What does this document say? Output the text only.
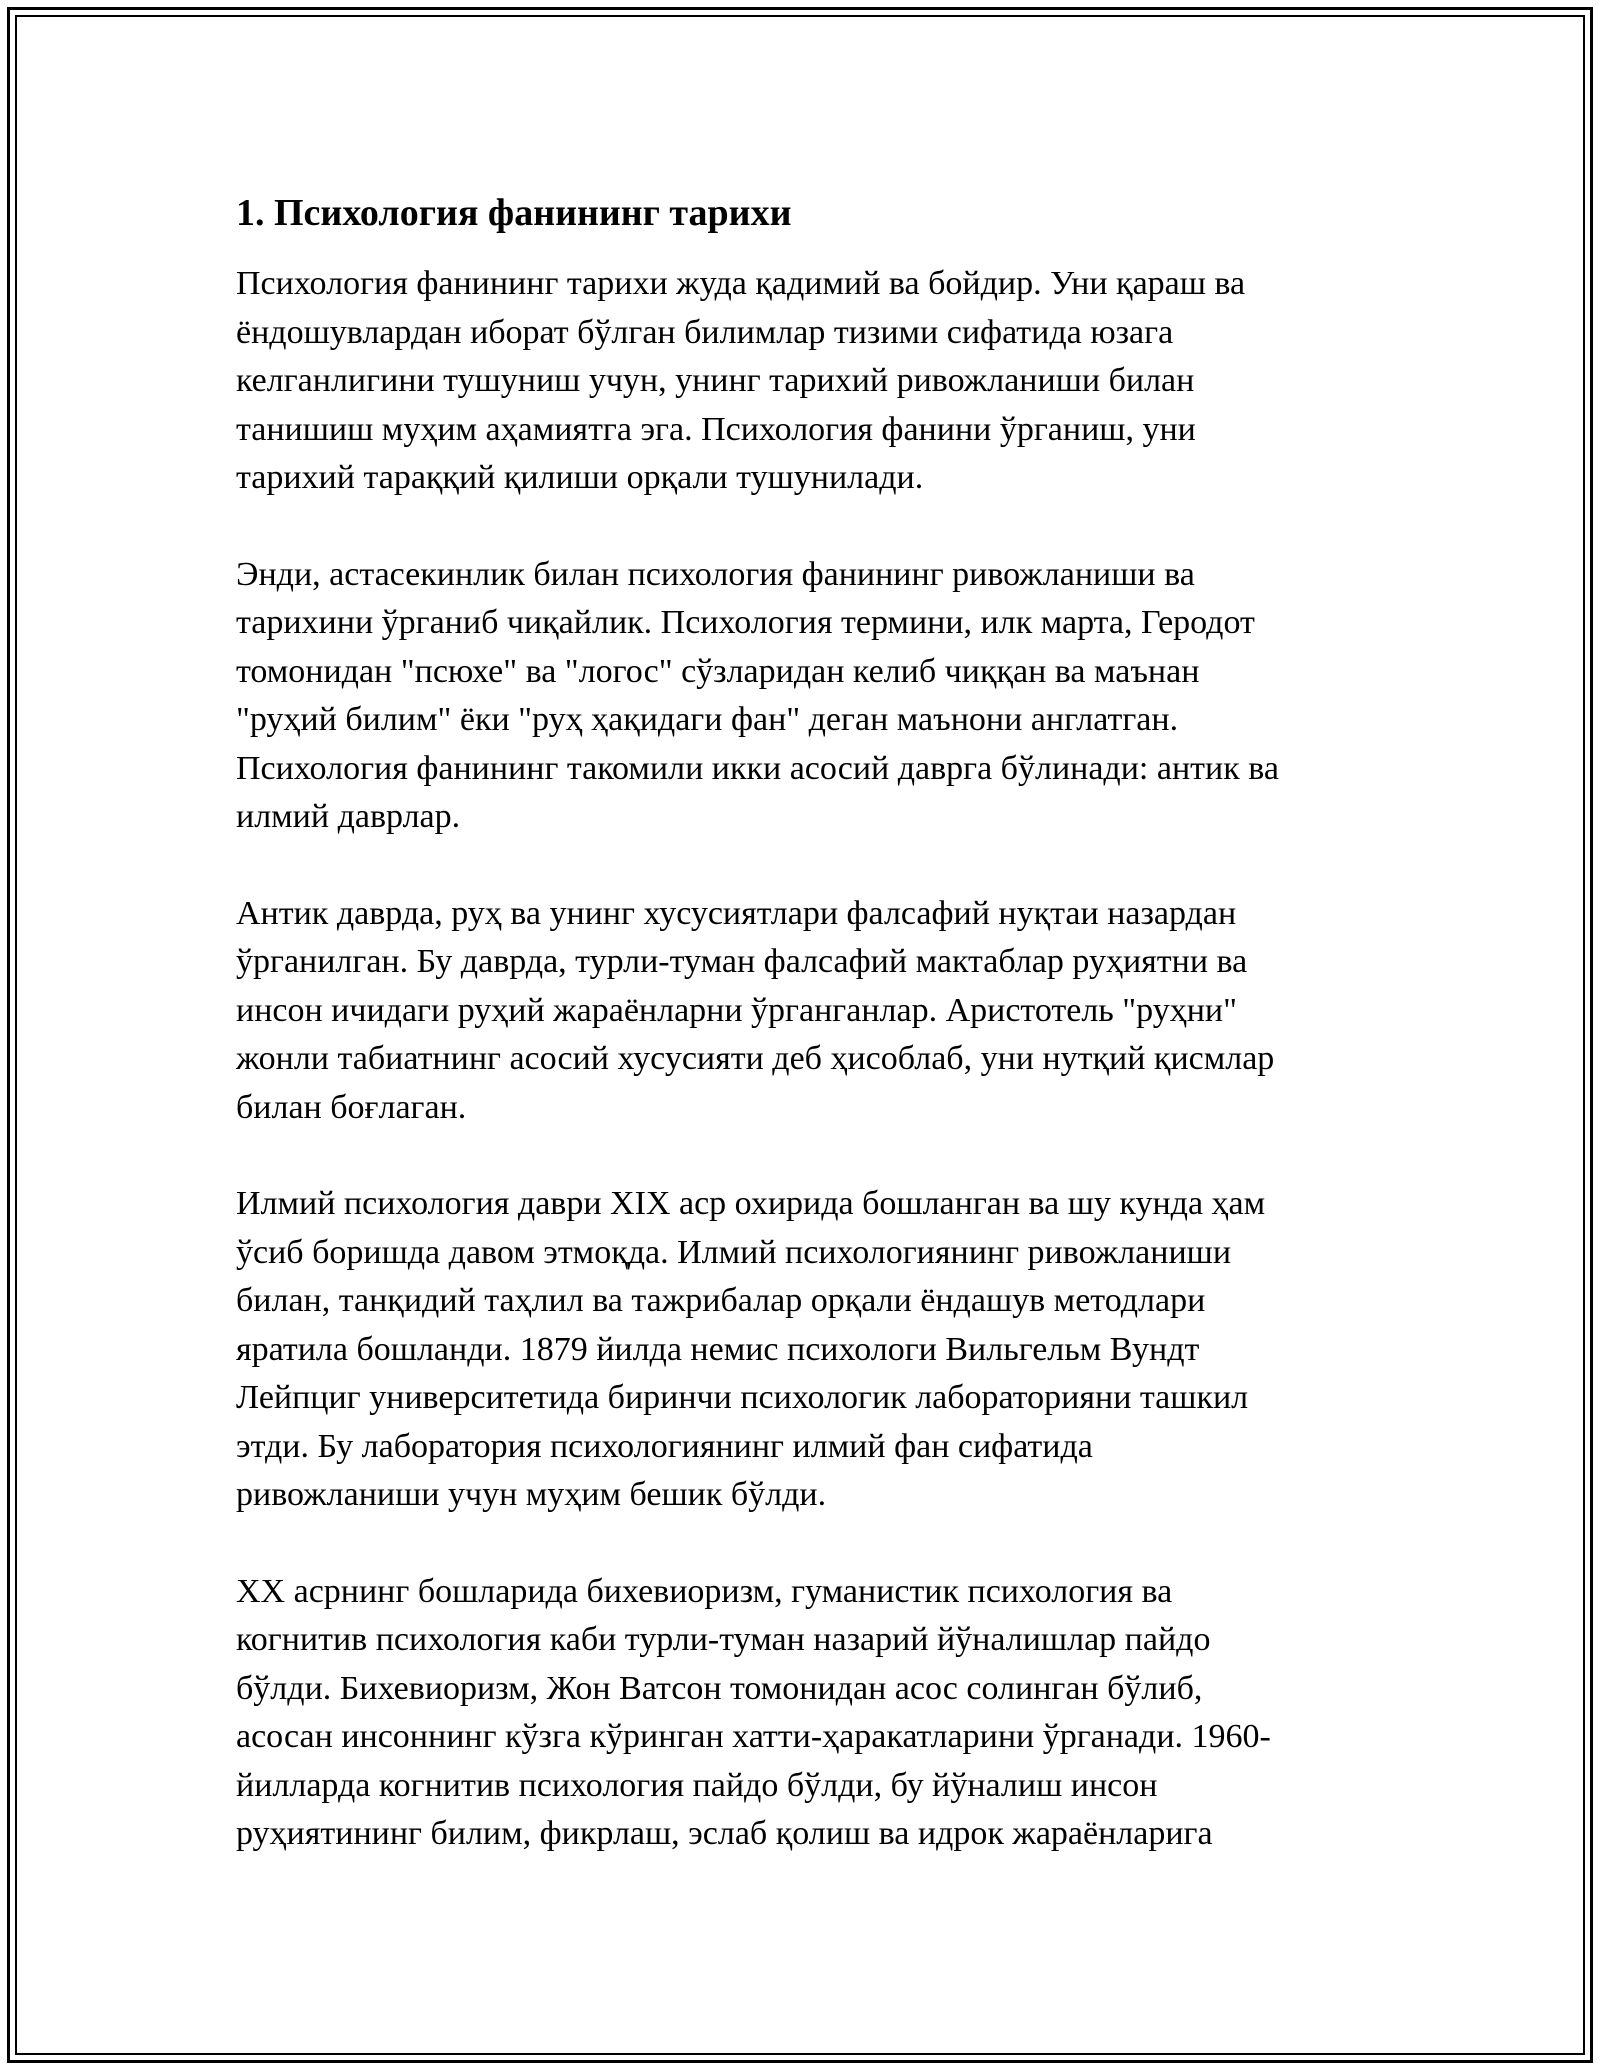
1. Психология фанининг тарихи
Психология фанининг тарихи жуда қадимий ва бойдир. Уни қараш ва
ёндошувлардан иборат бўлган билимлар тизими сифатида юзага
келганлигини тушуниш учун, унинг тарихий ривожланиши билан
танишиш муҳим аҳамиятга эга. Психология фанини ўрганиш, уни
тарихий тараққий қилиши орқали тушунилади.
Энди, астасекинлик билан психология фанининг ривожланиши ва
тарихини ўрганиб чиқайлик. Психология термини, илк марта, Геродот
томонидан "псюхе" ва "логос" сўзларидан келиб чиққан ва маънан
"руҳий билим" ёки "руҳ ҳақидаги фан" деган маънони англатган.
Психология фанининг такомили икки асосий даврга бўлинади: антик ва
илмий даврлар.
Антик даврда, руҳ ва унинг хусусиятлари фалсафий нуқтаи назардан
ўрганилган. Бу даврда, турли-туман фалсафий мактаблар руҳиятни ва
инсон ичидаги руҳий жараёнларни ўрганганлар. Аристотель "руҳни"
жонли табиатнинг асосий хусусияти деб ҳисоблаб, уни нутқий қисмлар
билан боғлаган.
Илмий психология даври XIX аср охирида бошланган ва шу кунда ҳам
ўсиб боришда давом этмоқда. Илмий психологиянинг ривожланиши
билан, танқидий таҳлил ва тажрибалар орқали ёндашув методлари
яратила бошланди. 1879 йилда немис психологи Вильгельм Вундт
Лейпциг университетида биринчи психологик лабораторияни ташкил
этди. Бу лаборатория психологиянинг илмий фан сифатида
ривожланиши учун муҳим бешик бўлди.
XX асрнинг бошларида бихевиоризм, гуманистик психология ва
когнитив психология каби турли-туман назарий йўналишлар пайдо
бўлди. Бихевиоризм, Жон Ватсон томонидан асос солинган бўлиб,
асосан инсоннинг кўзга кўринган хатти-ҳаракатларини ўрганади. 1960-
йилларда когнитив психология пайдо бўлди, бу йўналиш инсон
руҳиятининг билим, фикрлаш, эслаб қолиш ва идрок жараёнларига
